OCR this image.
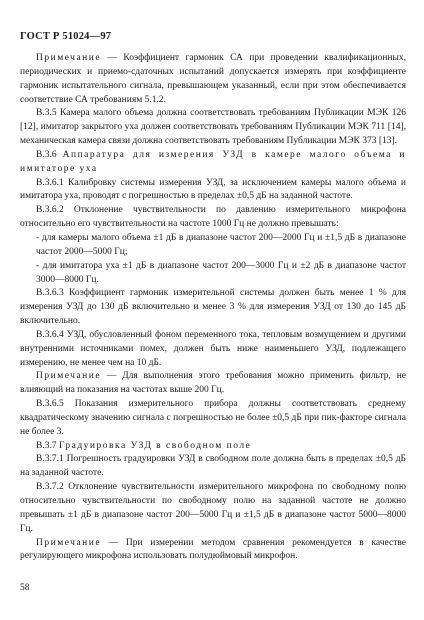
ГОСТ Р 51024—97

Примечание — Коэффициент гармоник СА при проведении квалификационных, периодических и приемо-сдаточных испытаний допускается измерять при коэффициенте гармоник испытательного сигнала, превышающем указанный, если при этом обеспечивается соответствие СА требованиям 5.1.2.

В.3.5 Камера малого объема должна соответствовать требованиям Публикации МЭК 126 [12], имитатор закрытого уха должен соответствовать требованиям Публикации МЭК 711 [14], механическая камера связи должна соответствовать требованиям Публикации МЭК 373 [13].

В.3.6 Аппаратура для измерения УЗД в камере малого объема и имитаторе уха

В.3.6.1 Калибровку системы измерения УЗД, за исключением камеры малого объема и имитатора уха, проводят с погрешностью в пределах ±0,5 дБ на заданной частоте.

В.3.6.2 Отклонение чувствительности по давлению измерительного микрофона относительно его чувствительности на частоте 1000 Гц не должно превышать:

- для камеры малого объема ±1 дБ в диапазоне частот 200—2000 Гц и ±1,5 дБ в диапазоне частот 2000—5000 Гц;

- для имитатора уха ±1 дБ в диапазоне частот 200—3000 Гц и ±2 дБ в диапазоне частот 3000—8000 Гц.

В.3.6.3 Коэффициент гармоник измерительной системы должен быть менее 1 % для измерения УЗД до 130 дБ включительно и менее 3 % для измерения УЗД от 130 до 145 дБ включительно.

В.3.6.4 УЗД, обусловленный фоном переменного тока, тепловым возмущением и другими внутренними источниками помех, должен быть ниже наименьшего УЗД, подлежащего измерению, не менее чем на 10 дБ.

Примечание — Для выполнения этого требования можно применить фильтр, не влияющий на показания на частотах выше 200 Гц.

В.3.6.5 Показания измерительного прибора должны соответствовать среднему квадратическому значению сигнала с погрешностью не более ±0,5 дБ при пик-факторе сигнала не более 3.

В.3.7 Градуировка УЗД в свободном поле

В.3.7.1 Погрешность градуировки УЗД в свободном поле должна быть в пределах ±0,5 дБ на заданной частоте.

В.3.7.2 Отклонение чувствительности измерительного микрофона по свободному полю относительно чувствительности по свободному полю на заданной частоте не должно превышать ±1 дБ в диапазоне частот 200—5000 Гц и ±1,5 дБ в диапазоне частот 5000—8000 Гц.

Примечание — При измерении методом сравнения рекомендуется в качестве регулирующего микрофона использовать полудюймовый микрофон.

58
